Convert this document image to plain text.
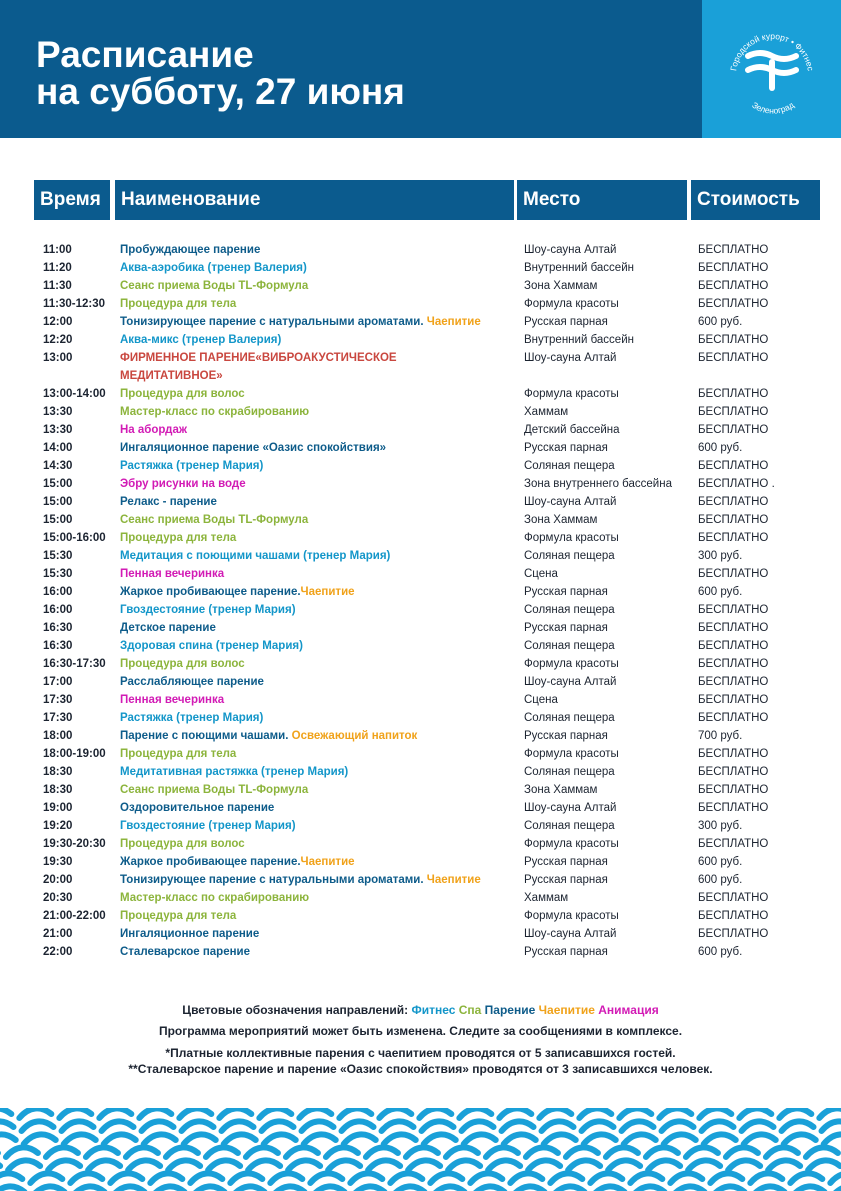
Расписание
на субботу, 27 июня
Городской курорт • Фитнес
Зеленоград
Время	Наименование	Место	Стоимость
11:00	Пробуждающее парение	Шоу-сауна Алтай	БЕСПЛАТНО
11:20	Аква-аэробика (тренер Валерия)	Внутренний бассейн	БЕСПЛАТНО
11:30	Сеанс приема Воды TL-Формула	Зона Хаммам	БЕСПЛАТНО
11:30-12:30 Процедура для тела	Формула красоты	БЕСПЛАТНО
12:00	Тонизирующее парение с натуральными ароматами. Чаепитие	Русская парная	600 руб.
12:20	Аква-микс (тренер Валерия)	Внутренний бассейн	БЕСПЛАТНО
13:00	ФИРМЕННОЕ ПАРЕНИЕ«ВИБРОАКУСТИЧЕСКОЕ	Шоу-сауна Алтай	БЕСПЛАТНО
МЕДИТАТИВНОЕ»
13:00-14:00 Процедура для волос	Формула красоты	БЕСПЛАТНО
13:30	Мастер-класс по скрабированию	Хаммам	БЕСПЛАТНО
13:30	На абордаж	Детский бассейна	БЕСПЛАТНО
14:00	Ингаляционное парение «Оазис спокойствия»	Русская парная	600 руб.
14:30	Растяжка (тренер Мария)	Соляная пещера	БЕСПЛАТНО
15:00	Эбру рисунки на воде	Зона внутреннего бассейна БЕСПЛАТНО .
15:00	Релакс - парение	Шоу-сауна Алтай	БЕСПЛАТНО
15:00	Сеанс приема Воды TL-Формула	Зона Хаммам	БЕСПЛАТНО
15:00-16:00 Процедура для тела	Формула красоты	БЕСПЛАТНО
15:30	Медитация с поющими чашами (тренер Мария)	Соляная пещера	300 руб.
15:30	Пенная вечеринка	Сцена	БЕСПЛАТНО
16:00	Жаркое пробивающее парение.Чаепитие	Русская парная	600 руб.
16:00	Гвоздестояние (тренер Мария)	Соляная пещера	БЕСПЛАТНО
16:30	Детское парение	Русская парная	БЕСПЛАТНО
16:30	Здоровая спина (тренер Мария)	Соляная пещера	БЕСПЛАТНО
16:30-17:30 Процедура для волос	Формула красоты	БЕСПЛАТНО
17:00	Расслабляющее парение	Шоу-сауна Алтай	БЕСПЛАТНО
17:30	Пенная вечеринка	Сцена	БЕСПЛАТНО
17:30	Растяжка (тренер Мария)	Соляная пещера	БЕСПЛАТНО
18:00	Парение с поющими чашами. Освежающий напиток	Русская парная	700 руб.
18:00-19:00 Процедура для тела	Формула красоты	БЕСПЛАТНО
18:30	Медитативная растяжка (тренер Мария)	Соляная пещера	БЕСПЛАТНО
18:30	Сеанс приема Воды TL-Формула	Зона Хаммам	БЕСПЛАТНО
19:00	Оздоровительное парение	Шоу-сауна Алтай	БЕСПЛАТНО
19:20	Гвоздестояние (тренер Мария)	Соляная пещера	300 руб.
19:30-20:30 Процедура для волос	Формула красоты	БЕСПЛАТНО
19:30	Жаркое пробивающее парение.Чаепитие	Русская парная	600 руб.
20:00	Тонизирующее парение с натуральными ароматами. Чаепитие	Русская парная	600 руб.
20:30	Мастер-класс по скрабированию	Хаммам	БЕСПЛАТНО
21:00-22:00 Процедура для тела	Формула красоты	БЕСПЛАТНО
21:00	Ингаляционное парение	Шоу-сауна Алтай	БЕСПЛАТНО
22:00	Сталеварское парение	Русская парная	600 руб.
Цветовые обозначения направлений: Фитнес Спа Парение Чаепитие Анимация
Программа мероприятий может быть изменена. Следите за сообщениями в комплексе.
*Платные коллективные парения с чаепитием проводятся от 5 записавшихся гостей.
**Сталеварское парение и парение «Оазис спокойствия» проводятся от 3 записавшихся человек.
